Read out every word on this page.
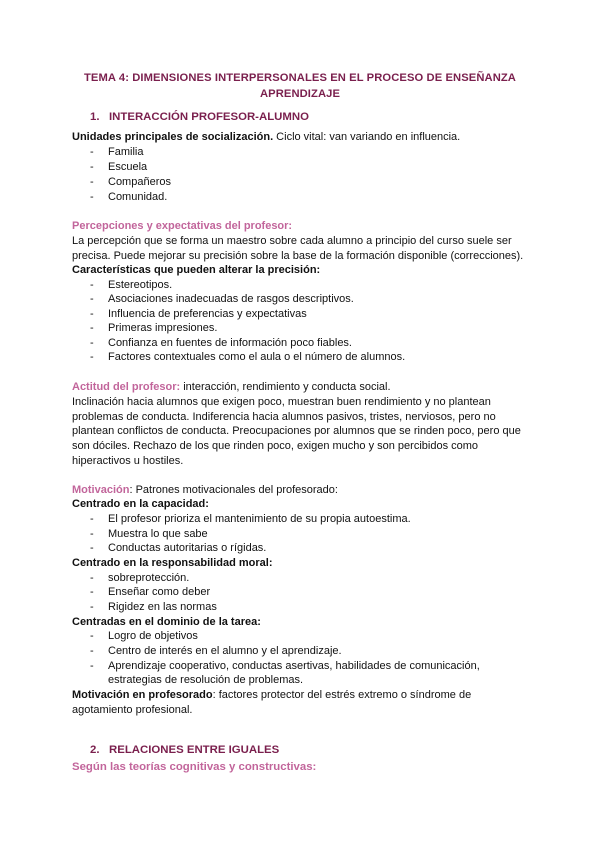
TEMA 4: DIMENSIONES INTERPERSONALES EN EL PROCESO DE ENSEÑANZA
APRENDIZAJE
1. INTERACCIÓN PROFESOR-ALUMNO
Unidades principales de socialización. Ciclo vital: van variando en influencia.
- Familia
- Escuela
- Compañeros
- Comunidad.
Percepciones y expectativas del profesor:
La percepción que se forma un maestro sobre cada alumno a principio del curso suele ser
precisa. Puede mejorar su precisión sobre la base de la formación disponible (correcciones).
Características que pueden alterar la precisión:
- Estereotipos.
- Asociaciones inadecuadas de rasgos descriptivos.
- Influencia de preferencias y expectativas
- Primeras impresiones.
- Confianza en fuentes de información poco fiables.
- Factores contextuales como el aula o el número de alumnos.
Actitud del profesor: interacción, rendimiento y conducta social.
Inclinación hacia alumnos que exigen poco, muestran buen rendimiento y no plantean
problemas de conducta. Indiferencia hacia alumnos pasivos, tristes, nerviosos, pero no
plantean conflictos de conducta. Preocupaciones por alumnos que se rinden poco, pero que
son dóciles. Rechazo de los que rinden poco, exigen mucho y son percibidos como
hiperactivos u hostiles.
Motivación: Patrones motivacionales del profesorado:
Centrado en la capacidad:
- El profesor prioriza el mantenimiento de su propia autoestima.
- Muestra lo que sabe
- Conductas autoritarias o rígidas.
Centrado en la responsabilidad moral:
- sobreprotección.
- Enseñar como deber
- Rigidez en las normas
Centradas en el dominio de la tarea:
- Logro de objetivos
- Centro de interés en el alumno y el aprendizaje.
- Aprendizaje cooperativo, conductas asertivas, habilidades de comunicación,
estrategias de resolución de problemas.
Motivación en profesorado: factores protector del estrés extremo o síndrome de
agotamiento profesional.
2. RELACIONES ENTRE IGUALES
Según las teorías cognitivas y constructivas:
